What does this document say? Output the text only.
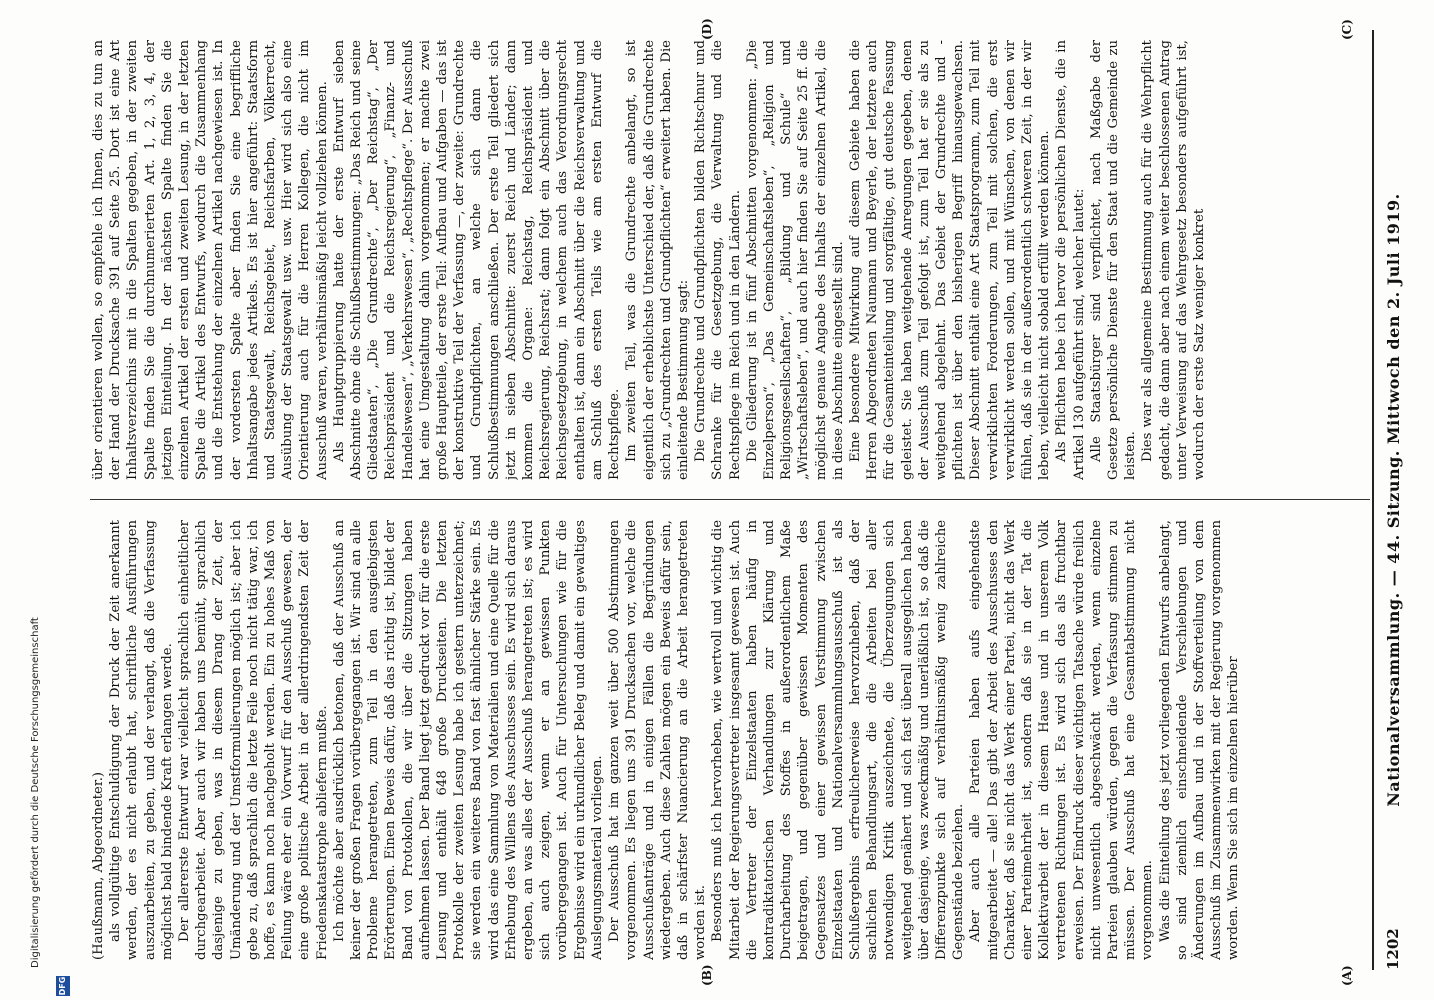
1202
Nationalversammlung. — 44. Sitzung. Mittwoch den 2. Juli 1919.
(A)
(B)
(C)
(D)

(Haußmann, Abgeordneter.) als vollgültige Entschuldigung der Druck der Zeit anerkannt werden, der es nicht erlaubt hat, schriftliche Ausführungen auszuarbeiten, zu geben, und der verlangt, daß die Verfassung möglichst bald bindende Kraft erlangen werde. Der allererste Entwurf war vielleicht sprachlich einheitlicher durchgearbeitet. Aber auch wir haben uns bemüht, sprachlich dasjenige zu geben, was in diesem Drang der Zeit, der Umänderung und der Umstformulierungen möglich ist; aber ich gebe zu, daß sprachlich die letzte Feile noch nicht tätig war, ich hoffe, es kann noch nachgeholt werden. Ein zu hohes Maß von Feilung wäre eher ein Vorwurf für den Ausschuß gewesen, der eine große politische Arbeit in der allerdringendsten Zeit der Friedenskatastrophe abliefern mußte. Ich möchte aber ausdrücklich betonen, daß der Ausschuß an keiner der großen Fragen vorübergegangen ist. Wir sind an alle Probleme herangetreten, zum Teil in den ausgiebigsten Erörterungen. Einen Beweis dafür, daß das richtig ist, bildet der Band von Protokollen, die wir über die Sitzungen haben aufnehmen lassen. Der Band liegt jetzt gedruckt vor für die erste Lesung und enthält 648 große Druckseiten. Die letzten Protokolle der zweiten Lesung habe ich gestern unterzeichnet; sie werden ein weiteres Band von fast ähnlicher Stärke sein. Es wird das eine Sammlung von Materialien und eine Quelle für die Erhebung des Willens des Ausschusses sein. Es wird sich daraus ergeben, an was alles der Ausschuß herangetreten ist; es wird sich auch zeigen, wenn er an gewissen Punkten vorübergegangen ist. Auch für Untersuchungen wie für die Ergebnisse wird ein urkundlicher Beleg und damit ein gewaltiges Auslegungsmaterial vorliegen. Der Ausschuß hat im ganzen weit über 500 Abstimmungen vorgenommen. Es liegen uns 391 Drucksachen vor, welche die Ausschußanträge und in einigen Fällen die Begründungen wiedergeben. Auch diese Zahlen mögen ein Beweis dafür sein, daß in schärfster Nuancierung an die Arbeit herangetreten worden ist. Besonders muß ich hervorheben, wie wertvoll und wichtig die Mitarbeit der Regierungsvertreter insgesamt gewesen ist. Auch die Vertreter der Einzelstaaten haben häufig in kontradiktatorischen Verhandlungen zur Klärung und Durcharbeitung des Stoffes in außerordentlichem Maße beigetragen, und gegenüber gewissen Momenten des Gegensatzes und einer gewissen Verstimmung zwischen Einzelstaaten und Nationalversammlungsausschuß ist als Schlußergebnis erfreulicherweise hervorzuheben, daß der sachlichen Behandlungsart, die die Arbeiten bei aller notwendigen Kritik auszeichnete, die Überzeugungen sich weitgehend genähert und sich fast überall ausgeglichen haben über dasjenige, was zweckmäßig und unerläßlich ist, so daß die Differenzpunkte sich auf verhältnismäßig wenig zahlreiche Gegenstände beziehen. Aber auch alle Parteien haben aufs eingehendste mitgearbeitet — alle! Das gibt der Arbeit des Ausschusses den Charakter, daß sie nicht das Werk einer Partei, nicht das Werk einer Parteimehrheit ist, sondern daß sie in der Tat die Kollektivarbeit der in diesem Hause und in unserem Volk vertretenen Richtungen ist. Es wird sich das als fruchtbar erweisen. Der Eindruck dieser wichtigen Tatsache würde freilich nicht unwesentlich abgeschwächt werden, wenn einzelne Parteien glauben würden, gegen die Verfassung stimmen zu müssen. Der Ausschuß hat eine Gesamtabstimmung nicht vorgenommen. Was die Einteilung des jetzt vorliegenden Entwurfs anbelangt, so sind ziemlich einschneidende Verschiebungen und Änderungen im Aufbau und in der Stoffverteilung von dem Ausschuß im Zusammenwirken mit der Regierung vorgenommen worden. Wenn Sie sich im einzelnen hierüber

über orientieren wollen, so empfehle ich Ihnen, dies zu tun an der Hand der Drucksache 391 auf Seite 25. Dort ist eine Art Inhaltsverzeichnis mit in die Spalten gegeben, in der zweiten Spalte finden Sie die durchnumerierten Art. 1, 2, 3, 4, der jetzigen Einteilung. In der nächsten Spalte finden Sie die einzelnen Artikel der ersten und zweiten Lesung, in der letzten Spalte die Artikel des Entwurfs, wodurch die Zusammenhang und die Entstehung der einzelnen Artikel nachgewiesen ist. In der vordersten Spalte aber finden Sie eine begriffliche Inhaltsangabe jedes Artikels. Es ist hier angeführt: Staatsform und Staatsgewalt, Reichsgebiet, Reichsfarben, Völkerrecht, Ausübung der Staatsgewalt usw. usw. Hier wird sich also eine Orientierung auch für die Herren Kollegen, die nicht im Ausschuß waren, verhältnismäßig leicht vollziehen können. Als Hauptgruppierung hatte der erste Entwurf sieben Abschnitte ohne die Schlußbestimmungen: „Das Reich und seine Gliedstaaten“, „Die Grundrechte“, „Der Reichstag“, „Der Reichspräsident und die Reichsregierung“, „Finanz- und Handelswesen“, „Verkehrswesen“, „Rechtspflege“. Der Ausschuß hat eine Umgestaltung dahin vorgenommen; er machte zwei große Hauptteile, der erste Teil: Aufbau und Aufgaben — das ist der konstruktive Teil der Verfassung —, der zweite: Grundrechte und Grundpflichten, an welche sich dann die Schlußbestimmungen anschließen. Der erste Teil gliedert sich jetzt in sieben Abschnitte: zuerst Reich und Länder; dann kommen die Organe: Reichstag, Reichspräsident und Reichsregierung, Reichsrat; dann folgt ein Abschnitt über die Reichsgesetzgebung, in welchem auch das Verordnungsrecht enthalten ist, dann ein Abschnitt über die Reichsverwaltung und am Schluß des ersten Teils wie am ersten Entwurf die Rechtspflege. Im zweiten Teil, was die Grundrechte anbelangt, so ist eigentlich der erheblichste Unterschied der, daß die Grundrechte sich zu „Grundrechten und Grundpflichten“ erweitert haben. Die einleitende Bestimmung sagt: Die Grundrechte und Grundpflichten bilden Richtschnur und Schranke für die Gesetzgebung, die Verwaltung und die Rechtspflege im Reich und in den Ländern. Die Gliederung ist in fünf Abschnitten vorgenommen: „Die Einzelperson“, „Das Gemeinschaftsleben“, „Religion und Religionsgesellschaften“, „Bildung und Schule“ und „Wirtschaftsleben“, und auch hier finden Sie auf Seite 25 ff. die möglichst genaue Angabe des Inhalts der einzelnen Artikel, die in diese Abschnitte eingestellt sind. Eine besondere Mitwirkung auf diesem Gebiete haben die Herren Abgeordneten Naumann und Beyerle, der letztere auch für die Gesamteinteilung und sorgfältige, gut deutsche Fassung geleistet. Sie haben weitgehende Anregungen gegeben, denen der Ausschuß zum Teil gefolgt ist, zum Teil hat er sie als zu weitgehend abgelehnt. Das Gebiet der Grundrechte und -pflichten ist über den bisherigen Begriff hinausgewachsen. Dieser Abschnitt enthält eine Art Staatsprogramm, zum Teil mit verwirklichten Forderungen, zum Teil mit solchen, die erst verwirklicht werden sollen, und mit Wünschen, von denen wir fühlen, daß sie in der außerordentlich schweren Zeit, in der wir leben, vielleicht nicht sobald erfüllt werden können. Als Pflichten hebe ich hervor die persönlichen Dienste, die in Artikel 130 aufgeführt sind, welcher lautet: Alle Staatsbürger sind verpflichtet, nach Maßgabe der Gesetze persönliche Dienste für den Staat und die Gemeinde zu leisten. Dies war als allgemeine Bestimmung auch für die Wehrpflicht gedacht, die dann aber nach einem weiter beschlossenen Antrag unter Verweisung auf das Wehrgesetz besonders aufgeführt ist, wodurch der erste Satz weniger konkret

DFG
Digitalisierung gefördert durch die Deutsche Forschungsgemeinschaft
